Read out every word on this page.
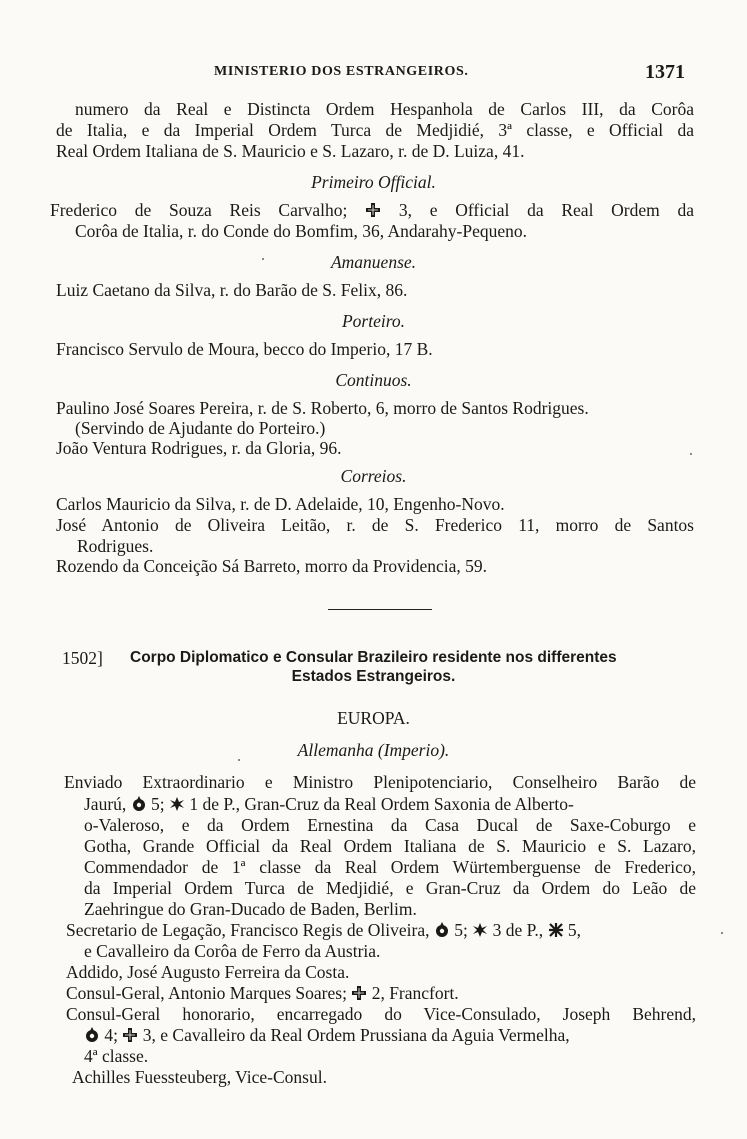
MINISTERIO DOS ESTRANGEIROS.	1371
numero da Real e Distincta Ordem Hespanhola de Carlos III, da Corôa
de Italia, e da Imperial Ordem Turca de Medjidié, 3ª classe, e Official da
Real Ordem Italiana de S. Mauricio e S. Lazaro, r. de D. Luiza, 41.
Primeiro Official.
Frederico de Souza Reis Carvalho;	3, e Official da Real Ordem da
Corôa de Italia, r. do Conde do Bomfim, 36, Andarahy-Pequeno.
Amanuense.
Luiz Caetano da Silva, r. do Barão de S. Felix, 86.
Porteiro.
Francisco Servulo de Moura, becco do Imperio, 17 B.
Continuos.
Paulino José Soares Pereira, r. de S. Roberto, 6, morro de Santos Rodrigues.
(Servindo de Ajudante do Porteiro.)
João Ventura Rodrigues, r. da Gloria, 96.
Correios.
Carlos Mauricio da Silva, r. de D. Adelaide, 10, Engenho-Novo.
José Antonio de Oliveira Leitão, r. de S. Frederico 11, morro de Santos
Rodrigues.
Rozendo da Conceição Sá Barreto, morro da Providencia, 59.
1502] Corpo Diplomatico e Consular Brazileiro residente nos differentes
Estados Estrangeiros.
EUROPA.
Allemanha (Imperio).
Enviado Extraordinario e Ministro Plenipotenciario, Conselheiro Barão de
Jaurú, 5; 1 de P., Gran-Cruz da Real Ordem Saxonia de Alberto-
o-Valeroso, e da Ordem Ernestina da Casa Ducal de Saxe-Coburgo e
Gotha, Grande Official da Real Ordem Italiana de S. Mauricio e S. Lazaro,
Commendador de 1ª classe da Real Ordem Würtemberguense de Frederico,
da Imperial Ordem Turca de Medjidié, e Gran-Cruz da Ordem do Leão de
Zaehringue do Gran-Ducado de Baden, Berlim.
Secretario de Legação, Francisco Regis de Oliveira, 5; 3 de P., 5,
e Cavalleiro da Corôa de Ferro da Austria.
Addido, José Augusto Ferreira da Costa.
Consul-Geral, Antonio Marques Soares; 2, Francfort.
Consul-Geral honorario, encarregado do Vice-Consulado, Joseph Behrend,
4; 3, e Cavalleiro da Real Ordem Prussiana da Aguia Vermelha,
4ª classe.
Achilles Fuessteuberg, Vice-Consul.
